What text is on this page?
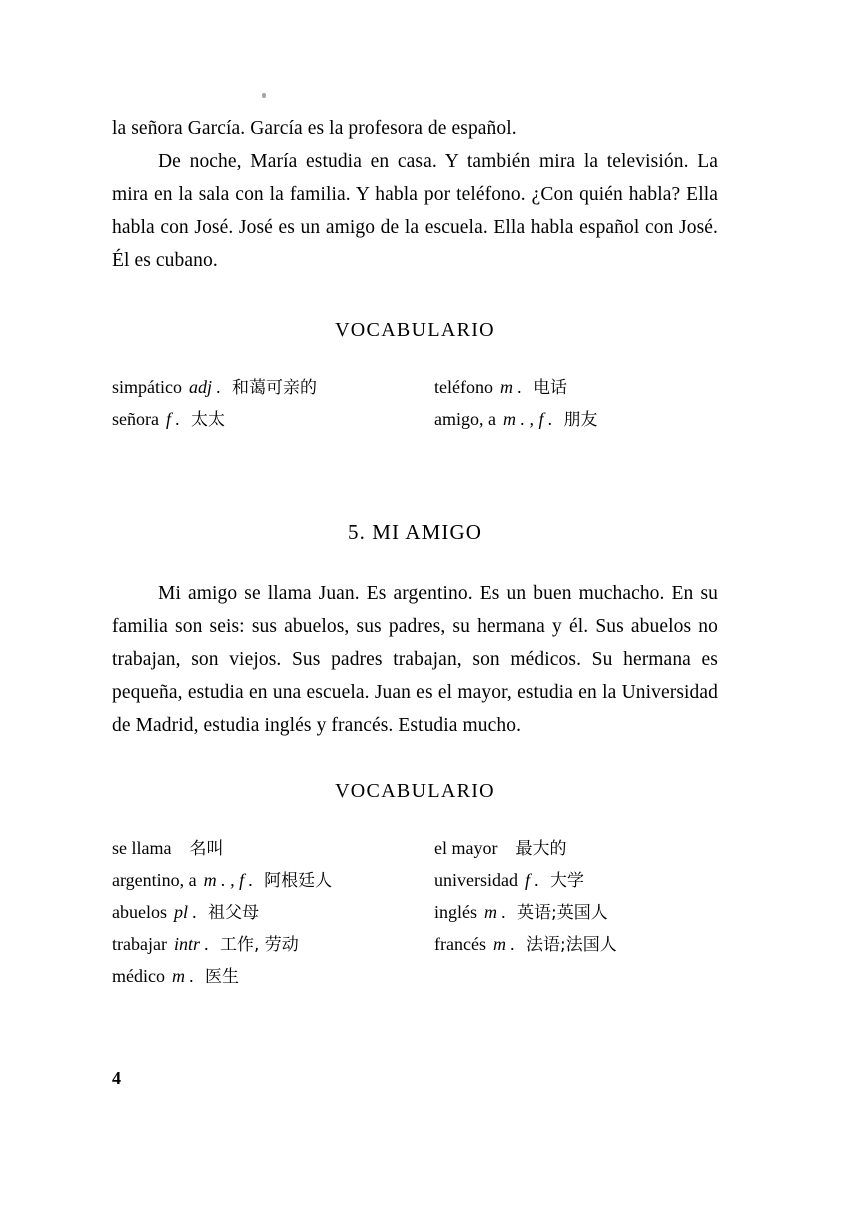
la señora García. García es la profesora de español.

De noche, María estudia en casa. Y también mira la televisión. La mira en la sala con la familia. Y habla por teléfono. ¿Con quién habla? Ella habla con José. José es un amigo de la escuela. Ella habla español con José. Él es cubano.

VOCABULARIO
simpático adj . 和蔼可亲的
señora f . 太太
teléfono m . 电话
amigo, a m . , f . 朋友
5. MI AMIGO

Mi amigo se llama Juan. Es argentino. Es un buen muchacho. En su familia son seis: sus abuelos, sus padres, su hermana y él. Sus abuelos no trabajan, son viejos. Sus padres trabajan, son médicos. Su hermana es pequeña, estudia en una escuela. Juan es el mayor, estudia en la Universidad de Madrid, estudia inglés y francés. Estudia mucho.

VOCABULARIO
se llama 名叫
argentino, a m . , f . 阿根廷人
abuelos pl . 祖父母
trabajar intr . 工作, 劳动
médico m . 医生
el mayor 最大的
universidad f . 大学
inglés m . 英语;英国人
francés m . 法语;法国人
4
